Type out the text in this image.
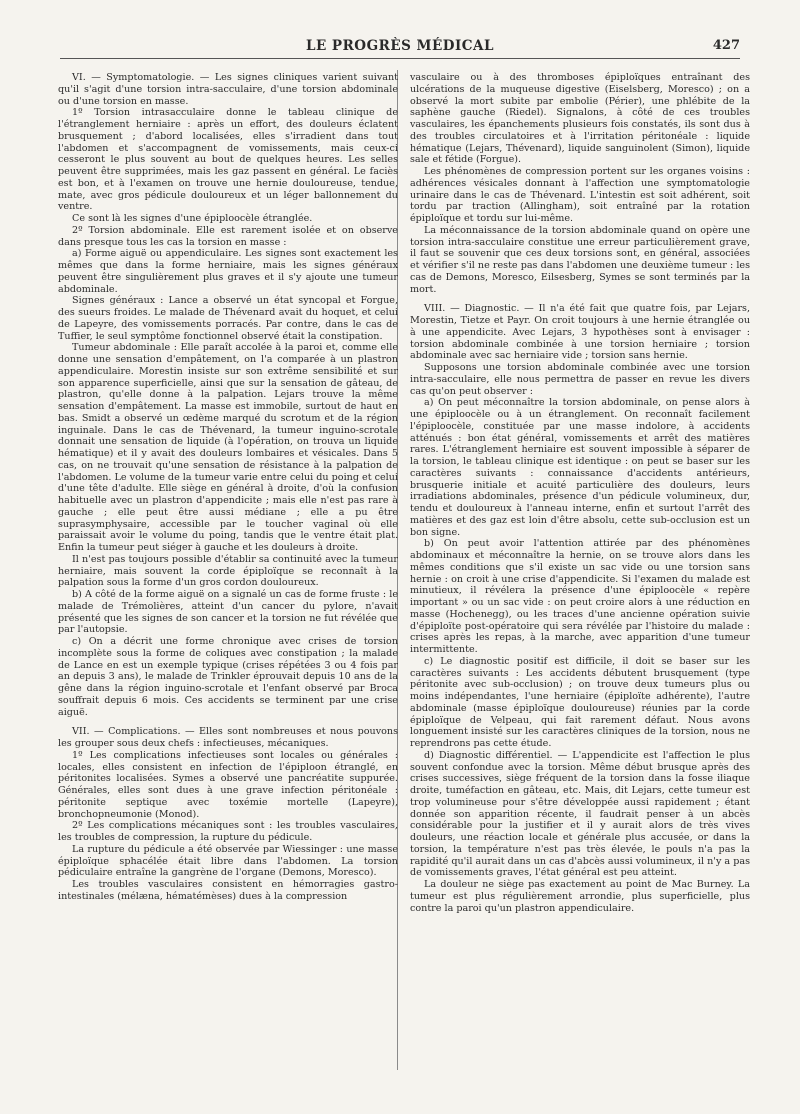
LE PROGRÈS MÉDICAL	427

VI. — Symptomatologie. — Les signes cliniques varient suivant qu'il s'agit d'une torsion intra-sacculaire, d'une torsion abdominale ou d'une torsion en masse.

1º Torsion intrasacculaire donne le tableau clinique de l'étranglement herniaire : après un effort, des douleurs éclatent brusquement ; d'abord localisées, elles s'irradient dans tout l'abdomen et s'accompagnent de vomissements, mais ceux-ci cesseront le plus souvent au bout de quelques heures. Les selles peuvent être supprimées, mais les gaz passent en général. Le faciès est bon, et à l'examen on trouve une hernie douloureuse, tendue, mate, avec gros pédicule douloureux et un léger ballonnement du ventre.

Ce sont là les signes d'une épiploocèle étranglée.

2º Torsion abdominale. Elle est rarement isolée et on observe dans presque tous les cas la torsion en masse :

a) Forme aiguë ou appendiculaire. Les signes sont exactement les mêmes que dans la forme herniaire, mais les signes généraux peuvent être singulièrement plus graves et il s'y ajoute une tumeur abdominale.

Signes généraux : Lance a observé un état syncopal et Forgue, des sueurs froides. Le malade de Thévenard avait du hoquet, et celui de Lapeyre, des vomissements porracés. Par contre, dans le cas de Tuffier, le seul symptôme fonctionnel observé était la constipation.

Tumeur abdominale : Elle paraît accolée à la paroi et, comme elle donne une sensation d'empâtement, on l'a comparée à un plastron appendiculaire. Morestin insiste sur son extrême sensibilité et sur son apparence superficielle, ainsi que sur la sensation de gâteau, de plastron, qu'elle donne à la palpation. Lejars trouve la même sensation d'empâtement. La masse est immobile, surtout de haut en bas. Smidt a observé un œdème marqué du scrotum et de la région inguinale. Dans le cas de Thévenard, la tumeur inguino-scrotale donnait une sensation de liquide (à l'opération, on trouva un liquide hématique) et il y avait des douleurs lombaires et vésicales. Dans 5 cas, on ne trouvait qu'une sensation de résistance à la palpation de l'abdomen. Le volume de la tumeur varie entre celui du poing et celui d'une tête d'adulte. Elle siège en général à droite, d'où la confusion habituelle avec un plastron d'appendicite ; mais elle n'est pas rare à gauche ; elle peut être aussi médiane ; elle a pu être suprasymphysaire, accessible par le toucher vaginal où elle paraissait avoir le volume du poing, tandis que le ventre était plat. Enfin la tumeur peut siéger à gauche et les douleurs à droite.

Il n'est pas toujours possible d'établir sa continuité avec la tumeur herniaire, mais souvent la corde épiploïque se reconnaît à la palpation sous la forme d'un gros cordon douloureux.

b) A côté de la forme aiguë on a signalé un cas de forme fruste : le malade de Trémolières, atteint d'un cancer du pylore, n'avait présenté que les signes de son cancer et la torsion ne fut révélée que par l'autopsie.

c) On a décrit une forme chronique avec crises de torsion incomplète sous la forme de coliques avec constipation ; la malade de Lance en est un exemple typique (crises répétées 3 ou 4 fois par an depuis 3 ans), le malade de Trinkler éprouvait depuis 10 ans de la gêne dans la région inguino-scrotale et l'enfant observé par Broca souffrait depuis 6 mois. Ces accidents se terminent par une crise aiguë.

VII. — Complications. — Elles sont nombreuses et nous pouvons les grouper sous deux chefs : infectieuses, mécaniques.

1º Les complications infectieuses sont locales ou générales : locales, elles consistent en infection de l'épiploon étranglé, en péritonites localisées. Symes a observé une pancréatite suppurée. Générales, elles sont dues à une grave infection péritonéale : péritonite septique avec toxémie mortelle (Lapeyre), bronchopneumonie (Monod).

2º Les complications mécaniques sont : les troubles vasculaires, les troubles de compression, la rupture du pédicule.

La rupture du pédicule a été observée par Wiessinger : une masse épiploïque sphacélée était libre dans l'abdomen. La torsion pédiculaire entraîne la gangrène de l'organe (Demons, Moresco).

Les troubles vasculaires consistent en hémorragies gastro-intestinales (mélæna, hématémèses) dues à la compression

vasculaire ou à des thromboses épiploïques entraînant des ulcérations de la muqueuse digestive (Eiselsberg, Moresco) ; on a observé la mort subite par embolie (Périer), une phlébite de la saphène gauche (Riedel). Signalons, à côté de ces troubles vasculaires, les épanchements plusieurs fois constatés, ils sont dus à des troubles circulatoires et à l'irritation péritonéale : liquide hématique (Lejars, Thévenard), liquide sanguinolent (Simon), liquide sale et fétide (Forgue).

Les phénomènes de compression portent sur les organes voisins : adhérences vésicales donnant à l'affection une symptomatologie urinaire dans le cas de Thévenard. L'intestin est soit adhérent, soit tordu par traction (Allingham), soit entraîné par la rotation épiploïque et tordu sur lui-même.

La méconnaissance de la torsion abdominale quand on opère une torsion intra-sacculaire constitue une erreur particulièrement grave, il faut se souvenir que ces deux torsions sont, en général, associées et vérifier s'il ne reste pas dans l'abdomen une deuxième tumeur : les cas de Demons, Moresco, Eilsesberg, Symes se sont terminés par la mort.

VIII. — Diagnostic. — Il n'a été fait que quatre fois, par Lejars, Morestin, Tietze et Payr. On croit toujours à une hernie étranglée ou à une appendicite. Avec Lejars, 3 hypothèses sont à envisager : torsion abdominale combinée à une torsion herniaire ; torsion abdominale avec sac herniaire vide ; torsion sans hernie.

Supposons une torsion abdominale combinée avec une torsion intra-sacculaire, elle nous permettra de passer en revue les divers cas qu'on peut observer :

a) On peut méconnaître la torsion abdominale, on pense alors à une épiploocèle ou à un étranglement. On reconnaît facilement l'épiploocèle, constituée par une masse indolore, à accidents atténués : bon état général, vomissements et arrêt des matières rares. L'étranglement herniaire est souvent impossible à séparer de la torsion, le tableau clinique est identique : on peut se baser sur les caractères suivants : connaissance d'accidents antérieurs, brusquerie initiale et acuité particulière des douleurs, leurs irradiations abdominales, présence d'un pédicule volumineux, dur, tendu et douloureux à l'anneau interne, enfin et surtout l'arrêt des matières et des gaz est loin d'être absolu, cette sub-occlusion est un bon signe.

b) On peut avoir l'attention attirée par des phénomènes abdominaux et méconnaître la hernie, on se trouve alors dans les mêmes conditions que s'il existe un sac vide ou une torsion sans hernie : on croit à une crise d'appendicite. Si l'examen du malade est minutieux, il révélera la présence d'une épiploocèle « repère important » ou un sac vide : on peut croire alors à une réduction en masse (Hochenegg), ou les traces d'une ancienne opération suivie d'épiploïte post-opératoire qui sera révélée par l'histoire du malade : crises après les repas, à la marche, avec apparition d'une tumeur intermittente.

c) Le diagnostic positif est difficile, il doit se baser sur les caractères suivants : Les accidents débutent brusquement (type péritonite avec sub-occlusion) ; on trouve deux tumeurs plus ou moins indépendantes, l'une herniaire (épiploïte adhérente), l'autre abdominale (masse épiploïque douloureuse) réunies par la corde épiploïque de Velpeau, qui fait rarement défaut. Nous avons longuement insisté sur les caractères cliniques de la torsion, nous ne reprendrons pas cette étude.

d) Diagnostic différentiel. — L'appendicite est l'affection le plus souvent confondue avec la torsion. Même début brusque après des crises successives, siège fréquent de la torsion dans la fosse iliaque droite, tuméfaction en gâteau, etc. Mais, dit Lejars, cette tumeur est trop volumineuse pour s'être développée aussi rapidement ; étant donnée son apparition récente, il faudrait penser à un abcès considérable pour la justifier et il y aurait alors de très vives douleurs, une réaction locale et générale plus accusée, or dans la torsion, la température n'est pas très élevée, le pouls n'a pas la rapidité qu'il aurait dans un cas d'abcès aussi volumineux, il n'y a pas de vomissements graves, l'état général est peu atteint.

La douleur ne siège pas exactement au point de Mac Burney. La tumeur est plus régulièrement arrondie, plus superficielle, plus contre la paroi qu'un plastron appendiculaire.
